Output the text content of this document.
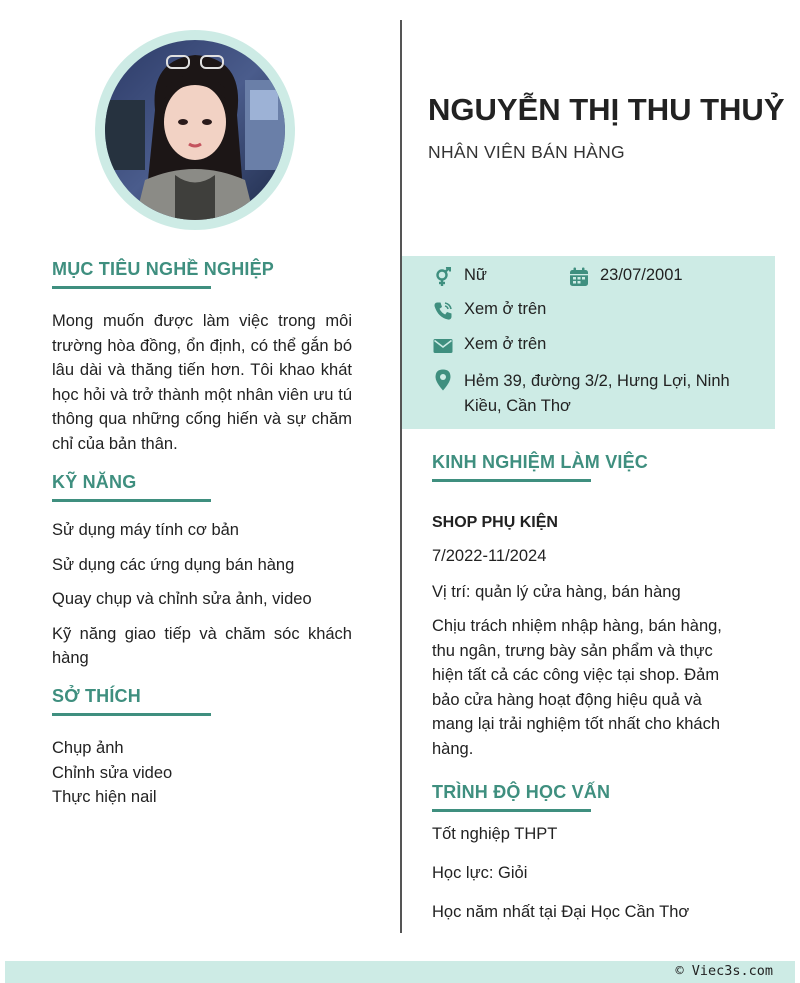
NGUYỄN THỊ THU THUỶ
NHÂN VIÊN BÁN HÀNG
Nữ	23/07/2001
Xem ở trên
Xem ở trên
Hẻm 39, đường 3/2, Hưng Lợi, Ninh
Kiều, Cần Thơ
MỤC TIÊU NGHỀ NGHIỆP
Mong muốn được làm việc trong môi trường hòa đồng, ổn định, có thể gắn bó lâu dài và thăng tiến hơn. Tôi khao khát học hỏi và trở thành một nhân viên ưu tú thông qua những cống hiến và sự chăm chỉ của bản thân.
KỸ NĂNG
Sử dụng máy tính cơ bản
Sử dụng các ứng dụng bán hàng
Quay chụp và chỉnh sửa ảnh, video
Kỹ năng giao tiếp và chăm sóc khách hàng
SỞ THÍCH
Chụp ảnh
Chỉnh sửa video
Thực hiện nail
KINH NGHIỆM LÀM VIỆC
SHOP PHỤ KIỆN
7/2022-11/2024
Vị trí: quản lý cửa hàng, bán hàng
Chịu trách nhiệm nhập hàng, bán hàng, thu ngân, trưng bày sản phẩm và thực hiện tất cả các công việc tại shop. Đảm bảo cửa hàng hoạt động hiệu quả và mang lại trải nghiệm tốt nhất cho khách hàng.
TRÌNH ĐỘ HỌC VẤN
Tốt nghiệp THPT
Học lực: Giỏi
Học năm nhất tại Đại Học Cần Thơ
© Viec3s.com
